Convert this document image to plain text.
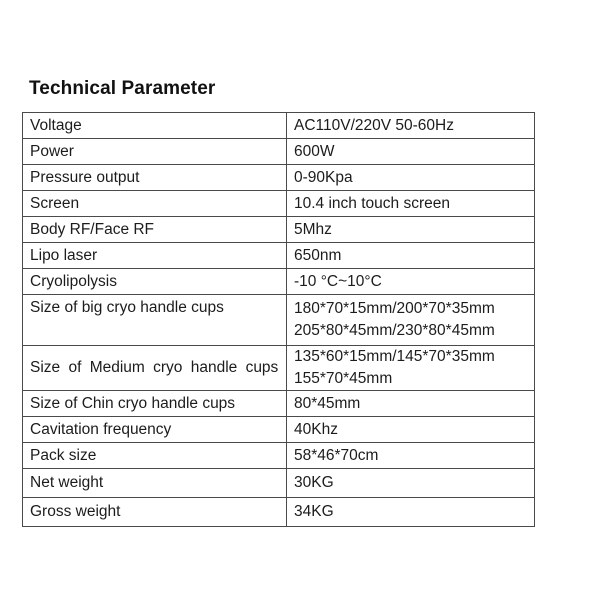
Technical Parameter
Voltage	AC110V/220V 50-60Hz
Power	600W
Pressure output	0-90Kpa
Screen	10.4 inch touch screen
Body RF/Face RF	5Mhz
Lipo laser	650nm
Cryolipolysis	-10 °C~10°C
Size of big cryo handle cups	180*70*15mm/200*70*35mm
205*80*45mm/230*80*45mm

Size of Medium cryo handle cups	135*60*15mm/145*70*35mm
155*70*45mm

Size of Chin cryo handle cups	80*45mm
Cavitation frequency	40Khz
Pack size	58*46*70cm
Net weight	30KG
Gross weight	34KG
